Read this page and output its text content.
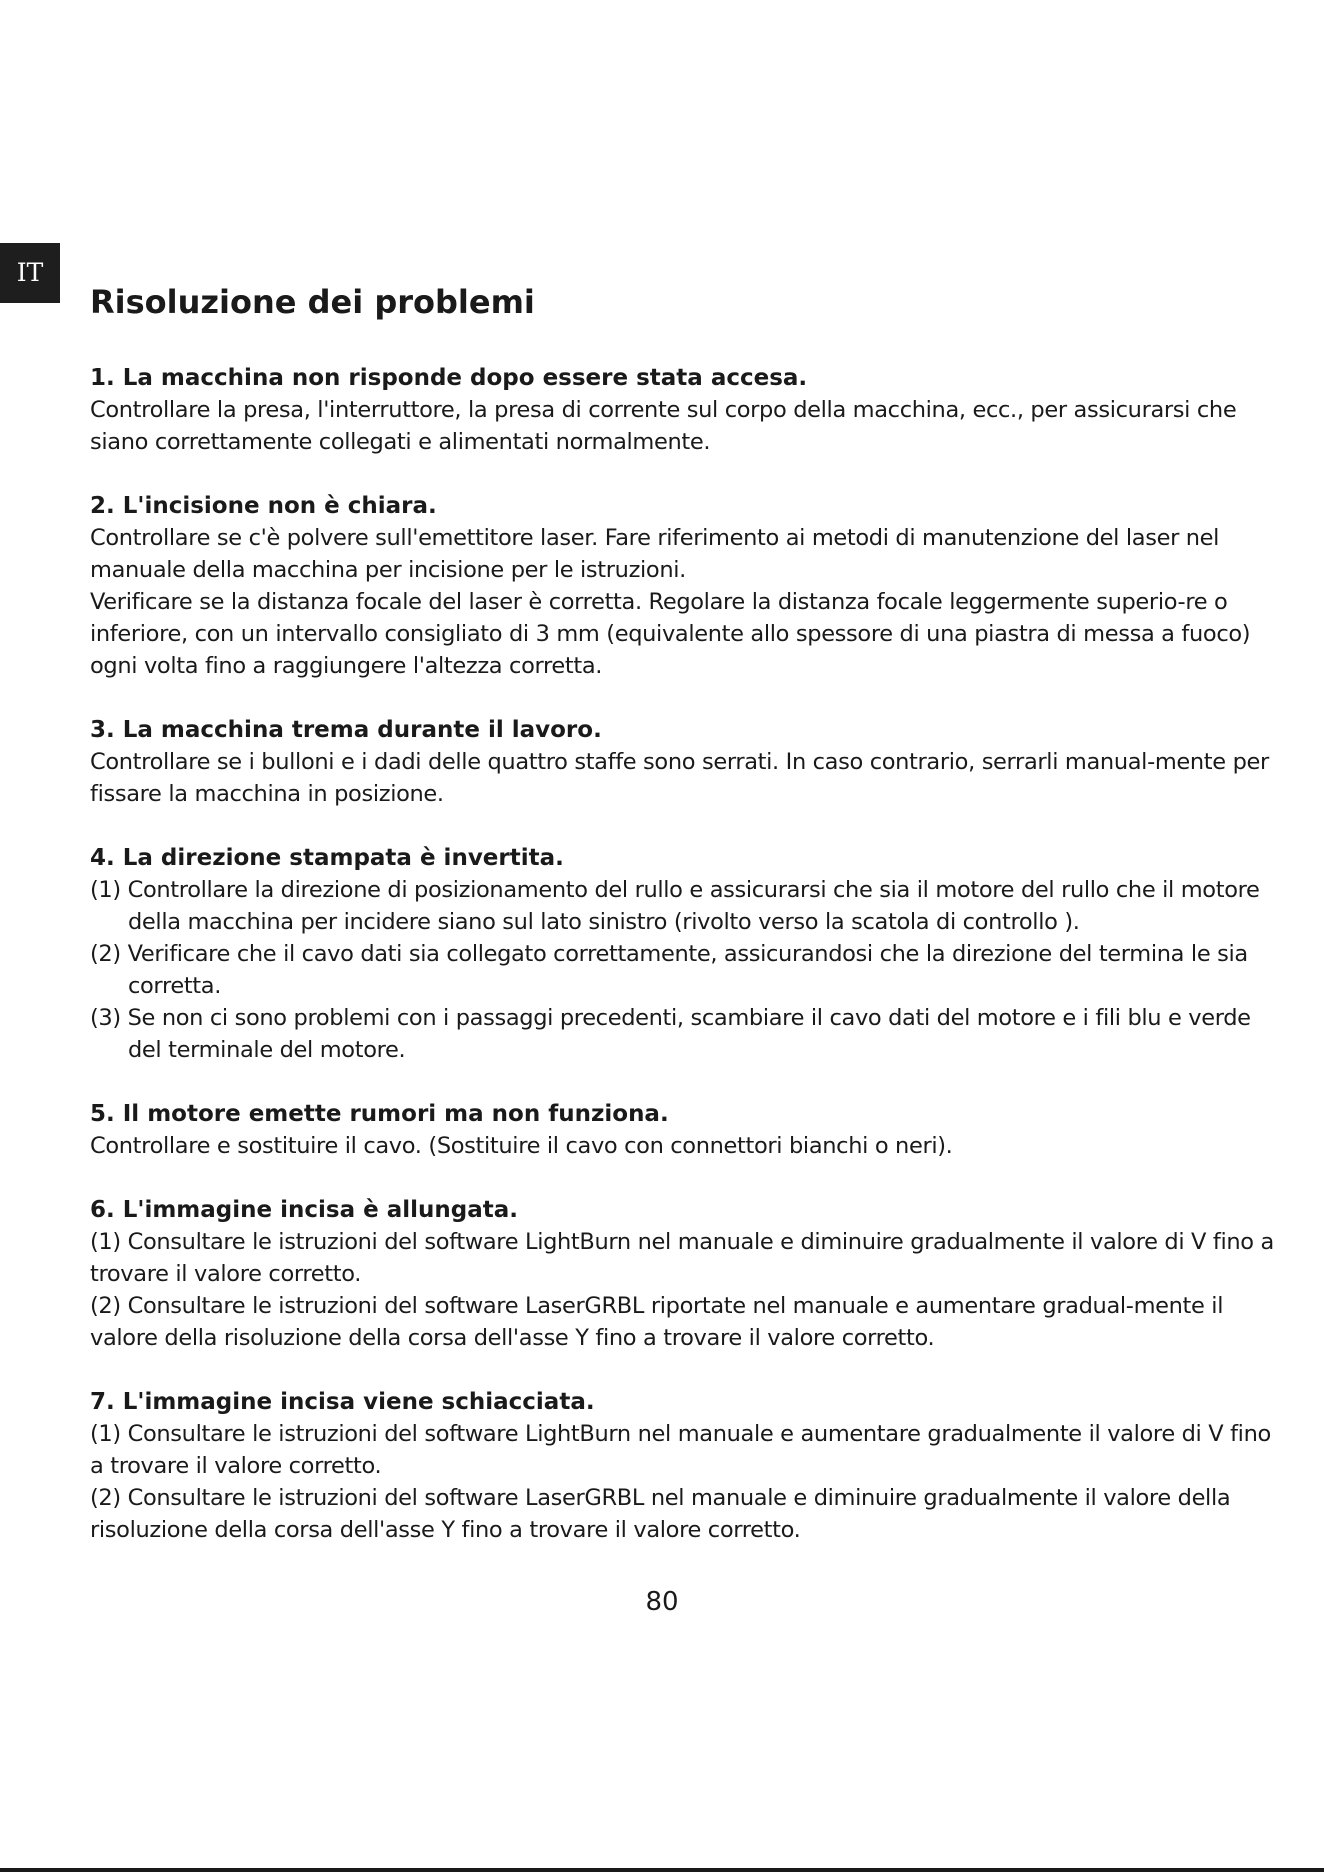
IT
Risoluzione dei problemi

1. La macchina non risponde dopo essere stata accesa.

Controllare la presa, l'interruttore, la presa di corrente sul corpo della macchina, ecc., per assicurarsi che siano correttamente collegati e alimentati normalmente.

2. L'incisione non è chiara.

Controllare se c'è polvere sull'emettitore laser. Fare riferimento ai metodi di manutenzione del laser nel manuale della macchina per incisione per le istruzioni.

Verificare se la distanza focale del laser è corretta. Regolare la distanza focale leggermente superio-re o inferiore, con un intervallo consigliato di 3 mm (equivalente allo spessore di una piastra di messa a fuoco) ogni volta fino a raggiungere l'altezza corretta.

3. La macchina trema durante il lavoro.

Controllare se i bulloni e i dadi delle quattro staffe sono serrati. In caso contrario, serrarli manual-mente per fissare la macchina in posizione.

4. La direzione stampata è invertita.

(1) Controllare la direzione di posizionamento del rullo e assicurarsi che sia il motore del rullo che il motore della macchina per incidere siano sul lato sinistro (rivolto verso la scatola di controllo ).

(2) Verificare che il cavo dati sia collegato correttamente, assicurandosi che la direzione del termina le sia corretta.

(3) Se non ci sono problemi con i passaggi precedenti, scambiare il cavo dati del motore e i fili blu e verde del terminale del motore.

5. Il motore emette rumori ma non funziona.

Controllare e sostituire il cavo. (Sostituire il cavo con connettori bianchi o neri).

6. L'immagine incisa è allungata.

(1) Consultare le istruzioni del software LightBurn nel manuale e diminuire gradualmente il valore di V fino a trovare il valore corretto.

(2) Consultare le istruzioni del software LaserGRBL riportate nel manuale e aumentare gradual-mente il valore della risoluzione della corsa dell'asse Y fino a trovare il valore corretto.

7. L'immagine incisa viene schiacciata.

(1) Consultare le istruzioni del software LightBurn nel manuale e aumentare gradualmente il valore di V fino a trovare il valore corretto.

(2) Consultare le istruzioni del software LaserGRBL nel manuale e diminuire gradualmente il valore della risoluzione della corsa dell'asse Y fino a trovare il valore corretto.

80
